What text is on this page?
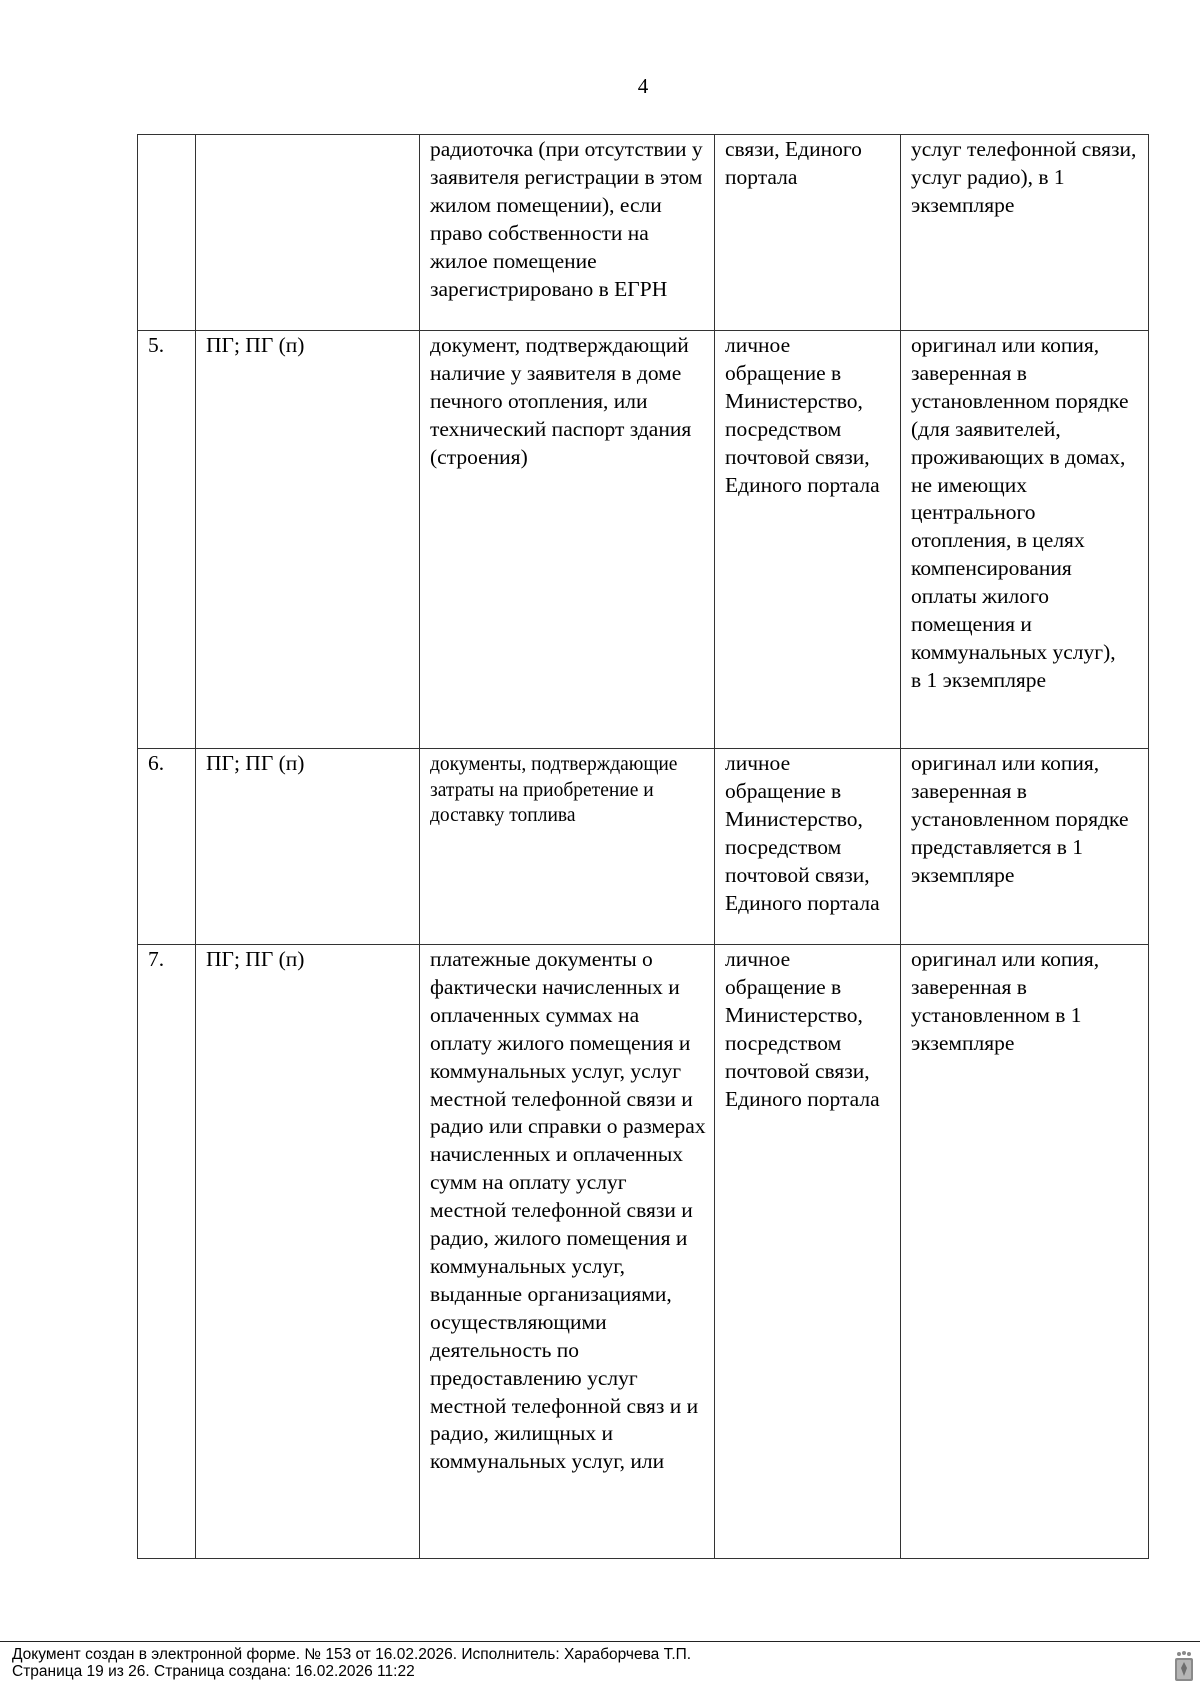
4
		радиоточка (при отсутствии у заявителя регистрации в этом жилом помещении), если право собственности на жилое помещение зарегистрировано в ЕГРН	связи, Единого портала	услуг телефонной связи, услуг радио), в 1 экземпляре
5.	ПГ; ПГ (п)	документ, подтверждающий наличие у заявителя в доме печного отопления, или технический паспорт здания (строения)	личное обращение в Министерство, посредством почтовой связи, Единого портала	оригинал или копия, заверенная в установленном порядке
(для заявителей, проживающих в домах, не имеющих центрального отопления, в целях компенсирования оплаты жилого помещения и коммунальных услуг),
в 1 экземпляре
6.	ПГ; ПГ (п)	документы, подтверждающие затраты на приобретение и доставку топлива	личное обращение в Министерство, посредством почтовой связи, Единого портала	оригинал или копия, заверенная в установленном порядке представляется в 1 экземпляре
7.	ПГ; ПГ (п)	платежные документы о фактически начисленных и оплаченных суммах на оплату жилого помещения и коммунальных услуг, услуг местной телефонной связи и радио или справки о размерах начисленных и оплаченных сумм на оплату услуг местной телефонной связи и радио, жилого помещения и коммунальных услуг, выданные организациями, осуществляющими деятельность по предоставлению услуг местной телефонной связ и и радио, жилищных и коммунальных услуг, или	личное обращение в Министерство, посредством почтовой связи, Единого портала	оригинал или копия, заверенная в установленном в 1 экземпляре
Документ создан в электронной форме. № 153 от 16.02.2026. Исполнитель: Хараборчева Т.П.
Страница 19 из 26. Страница создана: 16.02.2026 11:22
